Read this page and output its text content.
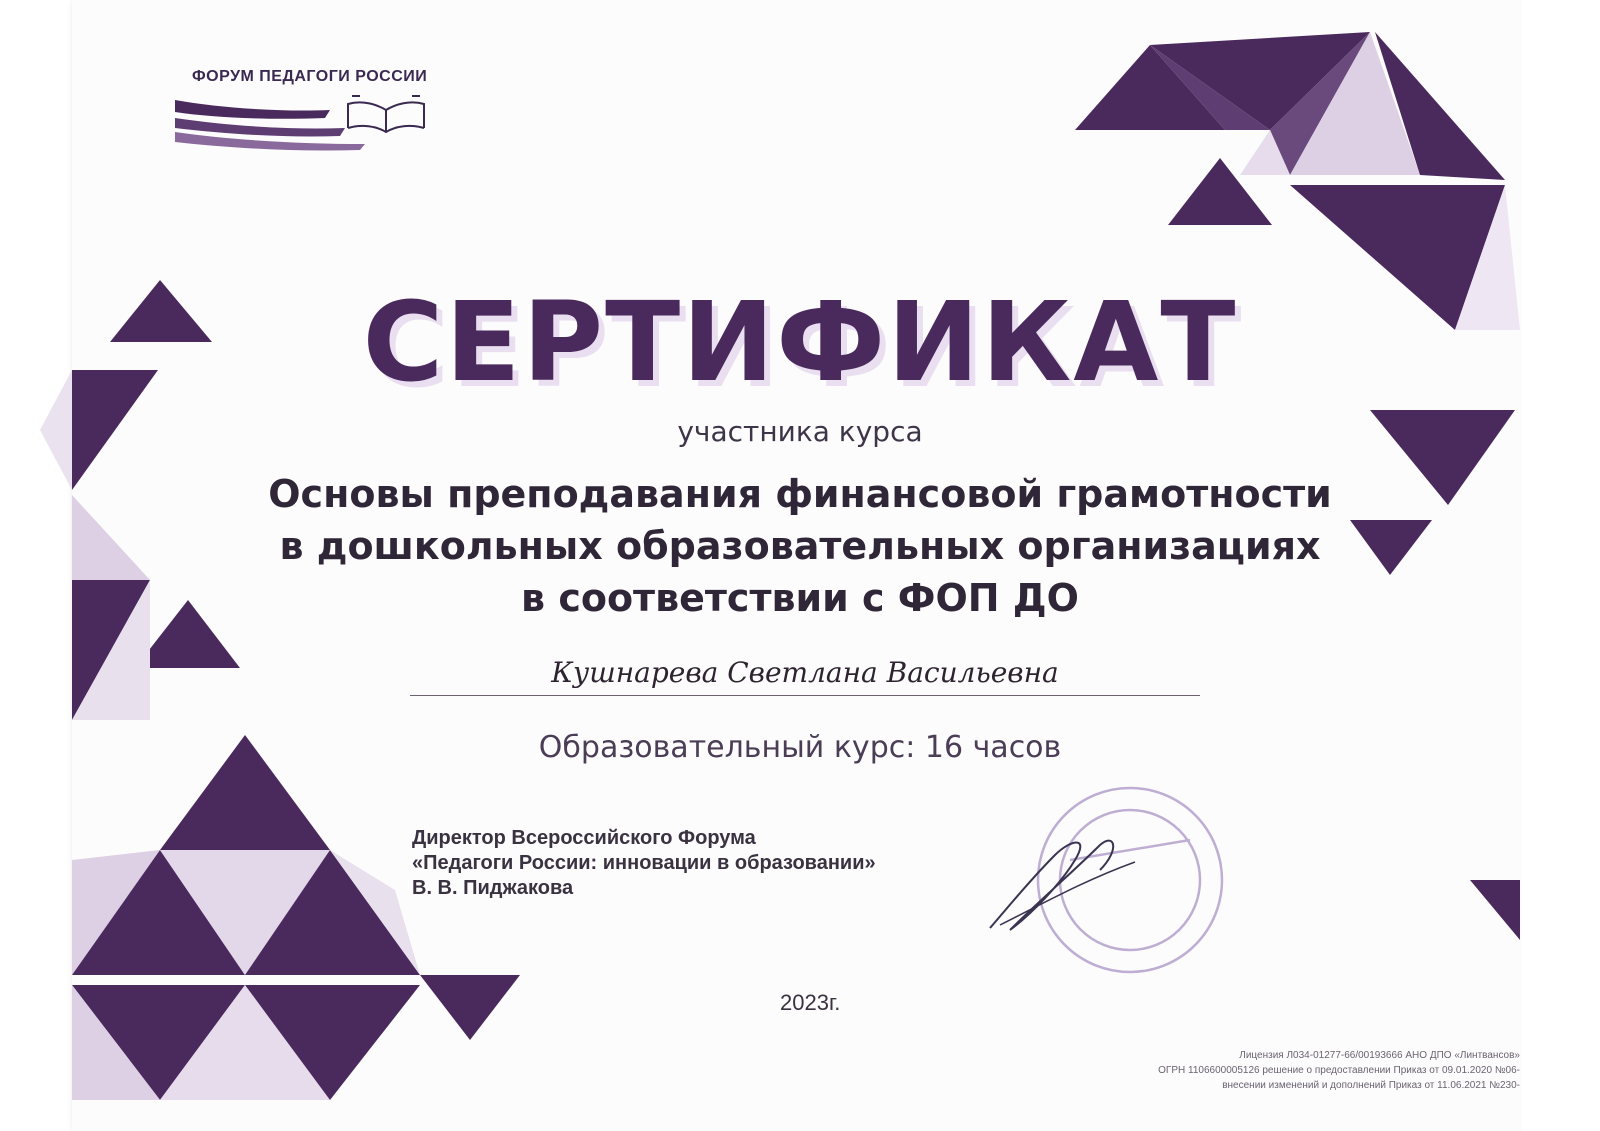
ФОРУМ ПЕДАГОГИ РОССИИ
СЕРТИФИКАТ
участника курса
Основы преподавания финансовой грамотности
в дошкольных образовательных организациях
в соответствии с ФОП ДО
Кушнарева Светлана Васильевна
Образовательный курс: 16 часов
Директор Всероссийского Форума
«Педагоги России: инновации в образовании»
В. В. Пиджакова
2023г.
Лицензия Л034-01277-66/00193666 АНО ДПО «Линтвансов»
ОГРН 1106600005126 решение о предоставлении Приказ от 09.01.2020 №06-
внесении изменений и дополнений Приказ от 11.06.2021 №230-
